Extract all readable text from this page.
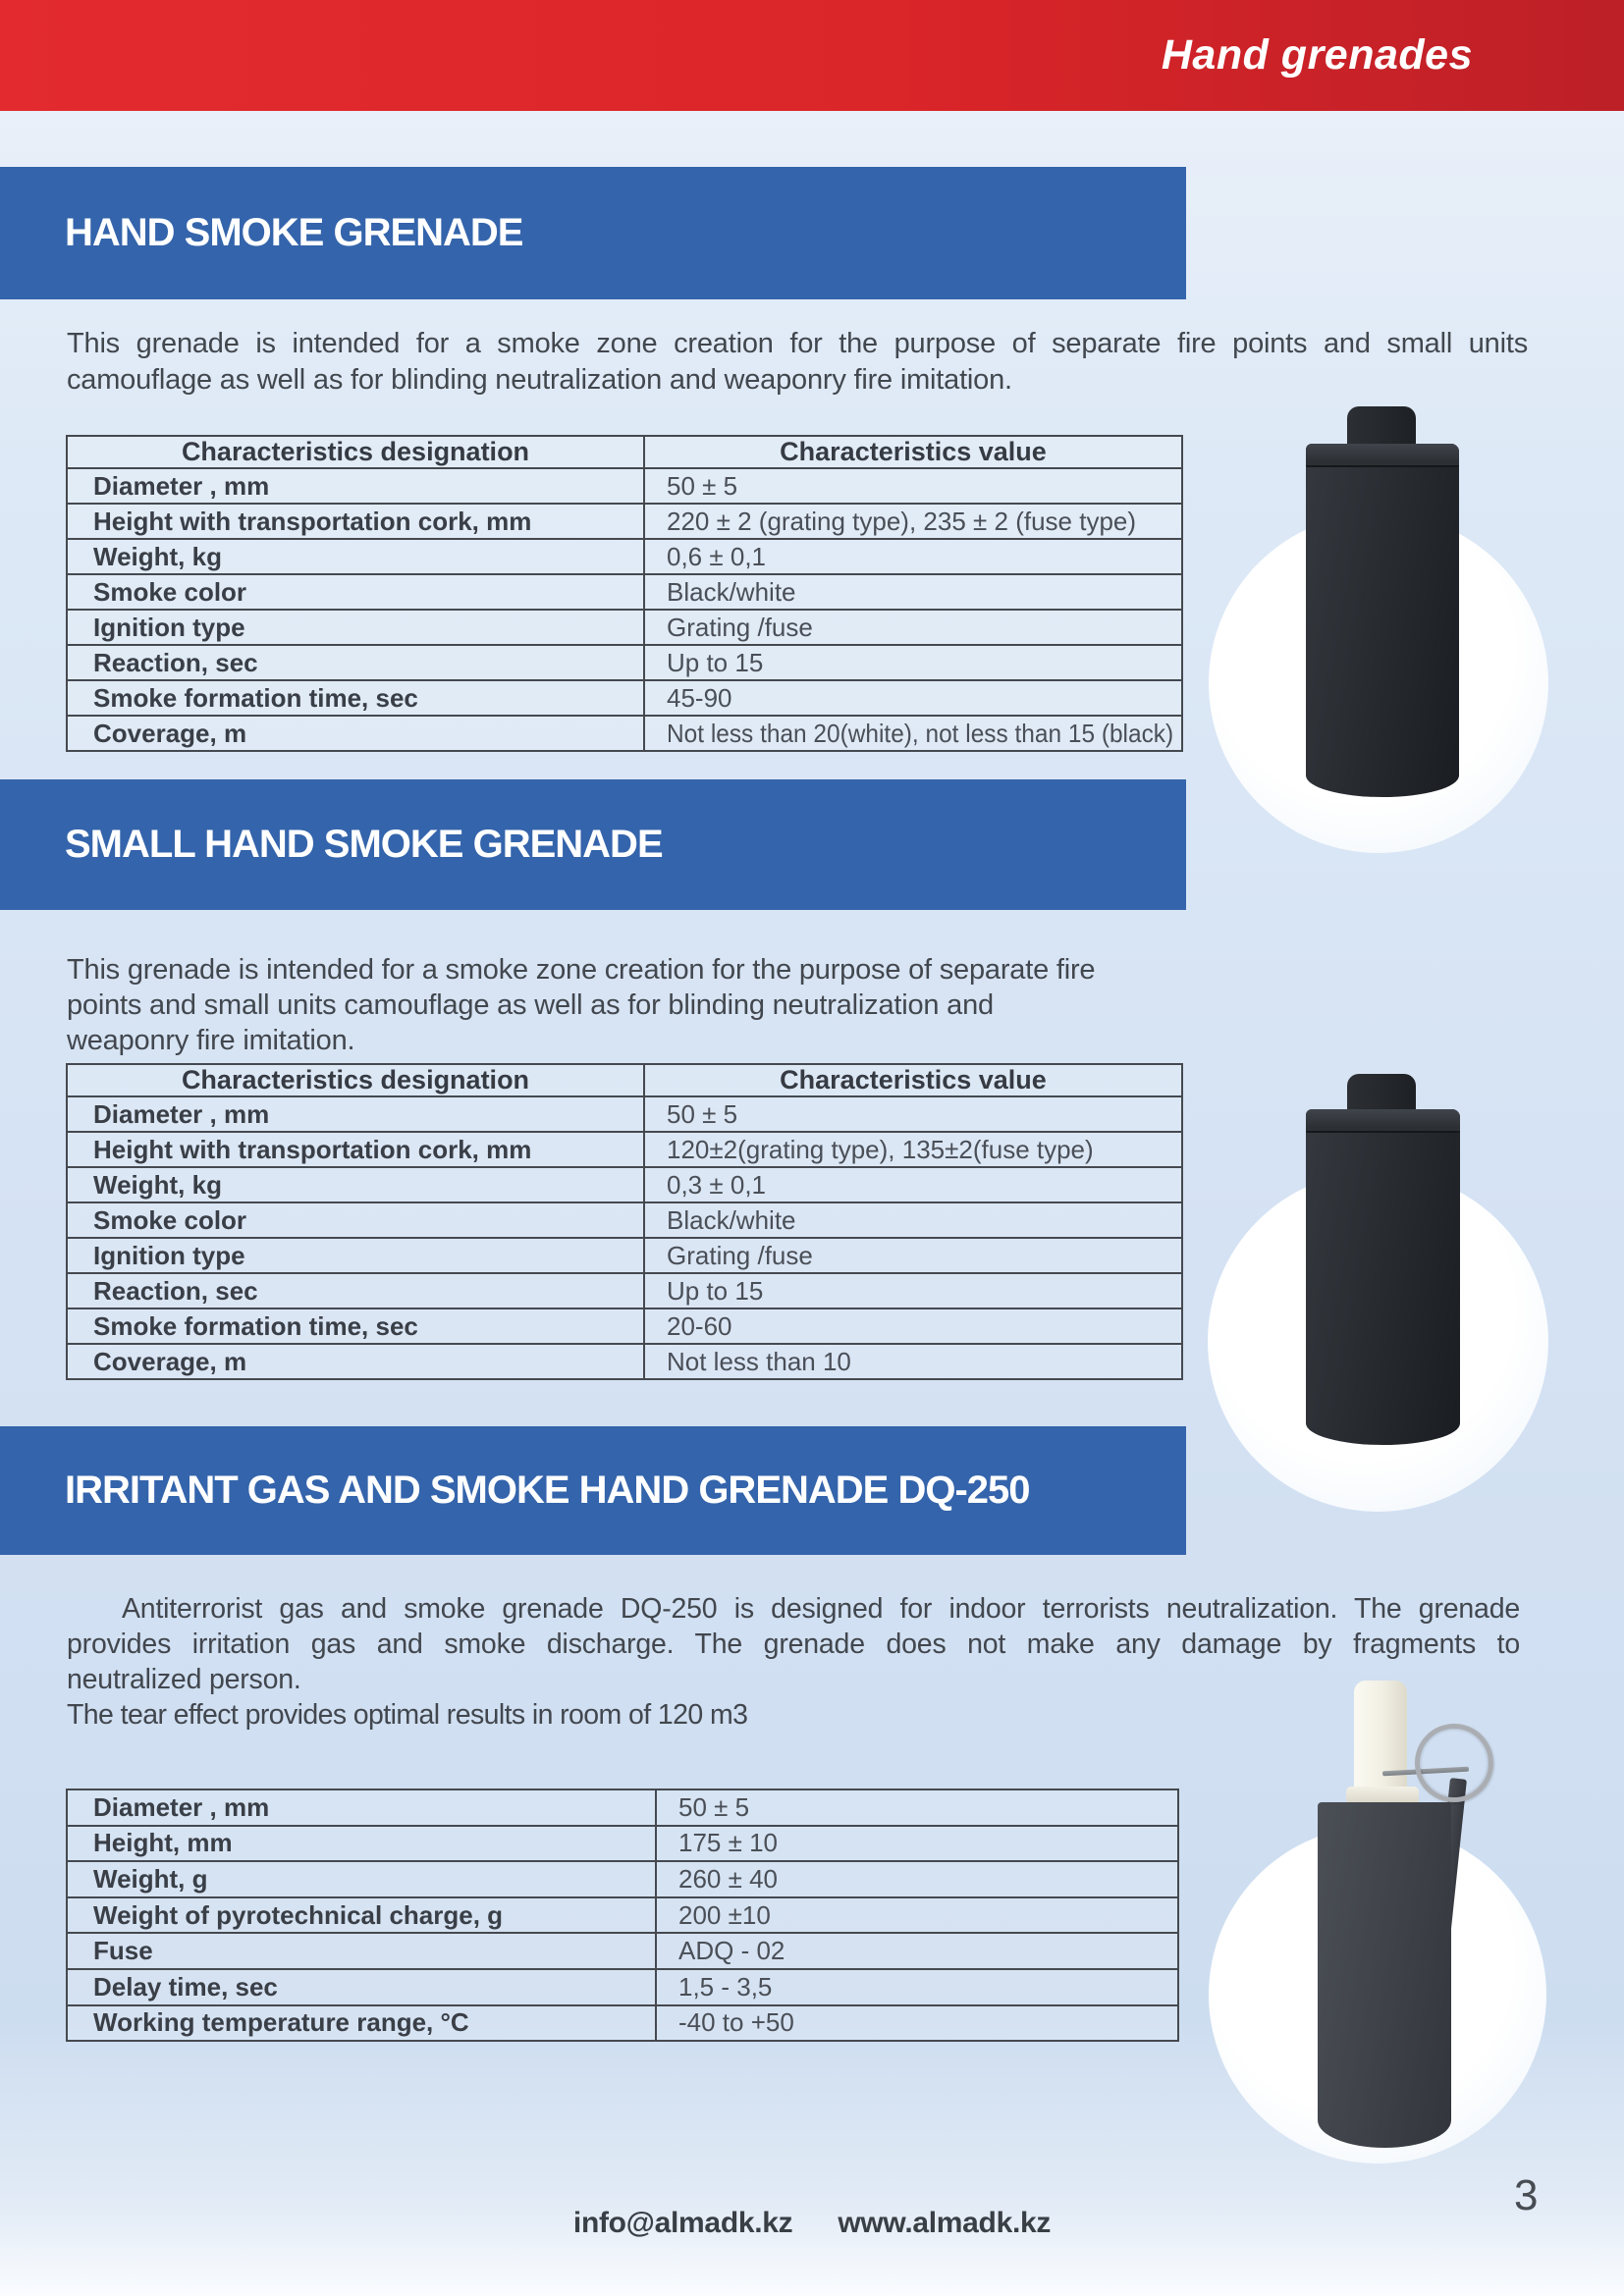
Hand grenades
HAND SMOKE GRENADE
This grenade is intended for a smoke zone creation for the purpose of separate fire points and small units
camouflage as well as for blinding neutralization and weaponry fire imitation.
Characteristics designation	Characteristics value
Diameter , mm	50 ± 5
Height with transportation cork, mm	220 ± 2 (grating type), 235 ± 2 (fuse type)
Weight, kg	0,6 ± 0,1
Smoke color	Black/white
Ignition type	Grating /fuse
Reaction, sec	Up to 15
Smoke formation time, sec	45-90
Coverage, m	Not less than 20(white), not less than 15 (black)
SMALL HAND SMOKE GRENADE
This grenade is intended for a smoke zone creation for the purpose of separate fire
points and small units camouflage as well as for blinding neutralization and
weaponry fire imitation.
Characteristics designation	Characteristics value
Diameter , mm	50 ± 5
Height with transportation cork, mm	120±2(grating type), 135±2(fuse type)
Weight, kg	0,3 ± 0,1
Smoke color	Black/white
Ignition type	Grating /fuse
Reaction, sec	Up to 15
Smoke formation time, sec	20-60
Coverage, m	Not less than 10
IRRITANT GAS AND SMOKE HAND GRENADE DQ-250
Antiterrorist gas and smoke grenade DQ-250 is designed for indoor terrorists neutralization. The grenade
provides irritation gas and smoke discharge. The grenade does not make any damage by fragments to
neutralized person.
The tear effect provides optimal results in room of 120 m3
Diameter , mm	50 ± 5
Height, mm	175 ± 10
Weight, g	260 ± 40
Weight of pyrotechnical charge, g	200 ±10
Fuse	ADQ - 02
Delay time, sec	1,5 - 3,5
Working temperature range, °C	-40 to +50
info@almadk.kz www.almadk.kz
3
